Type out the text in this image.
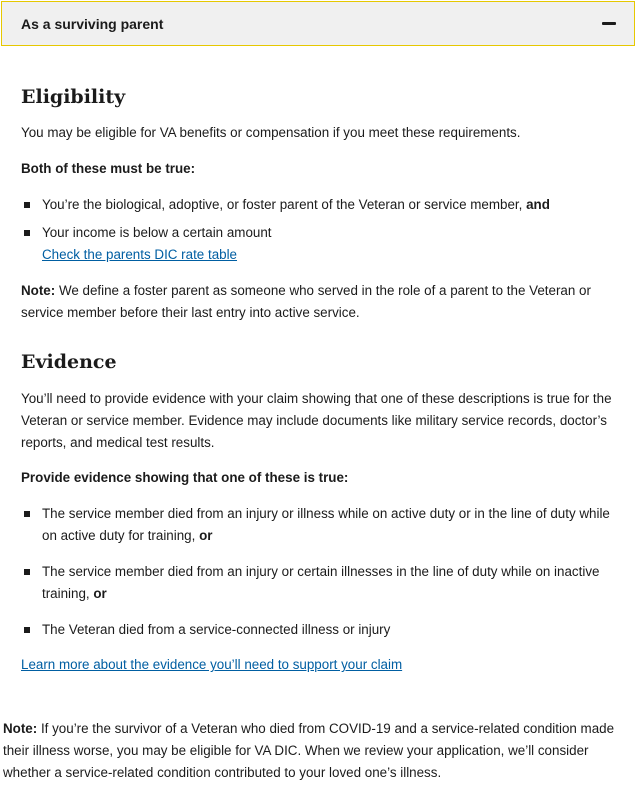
As a surviving parent
Eligibility

You may be eligible for VA benefits or compensation if you meet these requirements.

Both of these must be true:

You’re the biological, adoptive, or foster parent of the Veteran or service member, and
Your income is below a certain amount
Check the parents DIC rate table

Note: We define a foster parent as someone who served in the role of a parent to the Veteran or service member before their last entry into active service.

Evidence

You’ll need to provide evidence with your claim showing that one of these descriptions is true for the Veteran or service member. Evidence may include documents like military service records, doctor’s reports, and medical test results.

Provide evidence showing that one of these is true:

The service member died from an injury or illness while on active duty or in the line of duty while on active duty for training, or
The service member died from an injury or certain illnesses in the line of duty while on inactive training, or
The Veteran died from a service-connected illness or injury

Learn more about the evidence you’ll need to support your claim

Note: If you’re the survivor of a Veteran who died from COVID-19 and a service-related condition made their illness worse, you may be eligible for VA DIC. When we review your application, we’ll consider whether a service-related condition contributed to your loved one’s illness.
